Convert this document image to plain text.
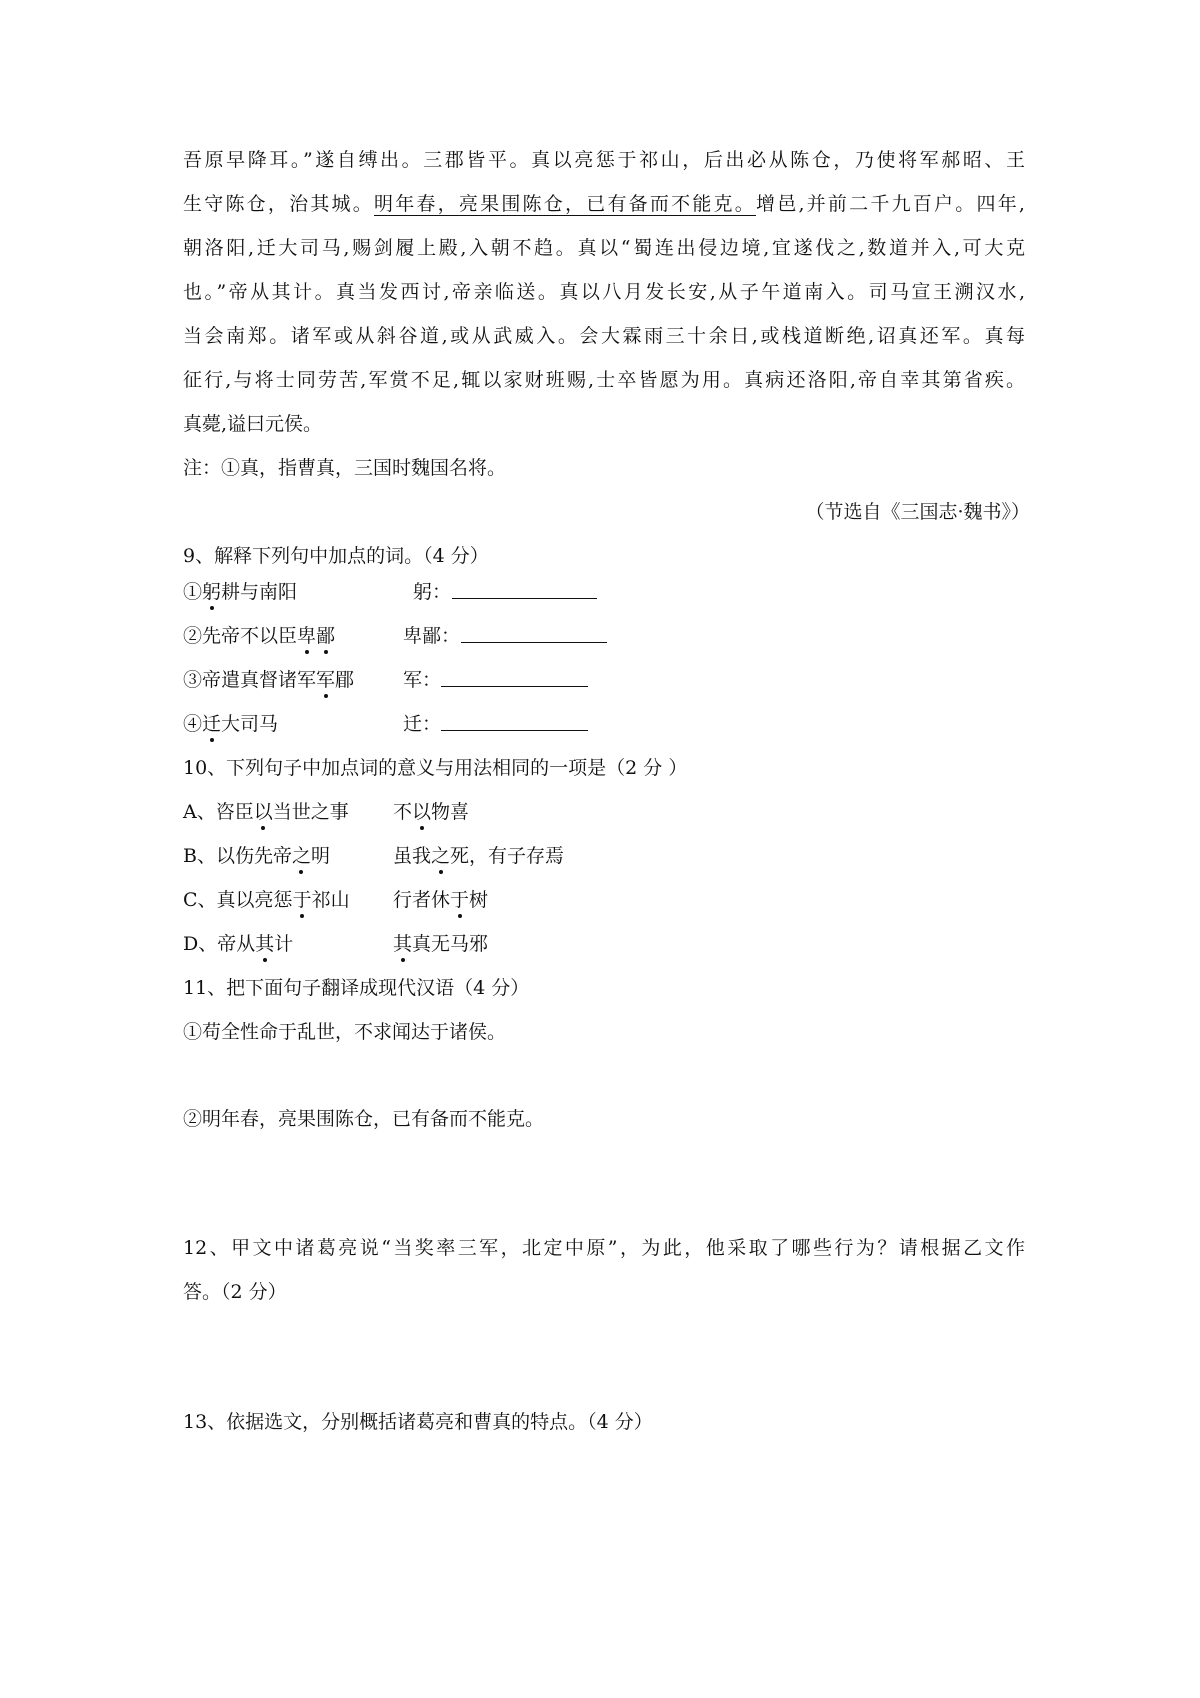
吾原早降耳。”遂自缚出。三郡皆平。真以亮惩于祁山，后出必从陈仓，乃使将军郝昭、王
生守陈仓，治其城。明年春，亮果围陈仓，已有备而不能克。增邑,并前二千九百户。四年,
朝洛阳,迁大司马,赐剑履上殿,入朝不趋。真以“蜀连出侵边境,宜遂伐之,数道并入,可大克
也。”帝从其计。真当发西讨,帝亲临送。真以八月发长安,从子午道南入。司马宣王溯汉水,
当会南郑。诸军或从斜谷道,或从武威入。会大霖雨三十余日,或栈道断绝,诏真还军。真每
征行,与将士同劳苦,军赏不足,辄以家财班赐,士卒皆愿为用。真病还洛阳,帝自幸其第省疾。
真薨,谥曰元侯。
注：①真，指曹真，三国时魏国名将。
（节选自《三国志·魏书》）
9、解释下列句中加点的词。（4 分）
①躬耕与南阳	躬：
②先帝不以臣卑鄙	卑鄙：
③帝遣真督诸军军郿	军：
④迁大司马	迁：
10、下列句子中加点词的意义与用法相同的一项是（2 分 ）
A、咨臣以当世之事 不以物喜
B、以伤先帝之明	虽我之死，有子存焉
C、真以亮惩于祁山 行者休于树
D、帝从其计	其真无马邪
11、把下面句子翻译成现代汉语（4 分）
①苟全性命于乱世，不求闻达于诸侯。
②明年春，亮果围陈仓，已有备而不能克。
12、甲文中诸葛亮说“当奖率三军，北定中原”，为此，他采取了哪些行为？请根据乙文作
答。（2 分）
13、依据选文，分别概括诸葛亮和曹真的特点。（4 分）
